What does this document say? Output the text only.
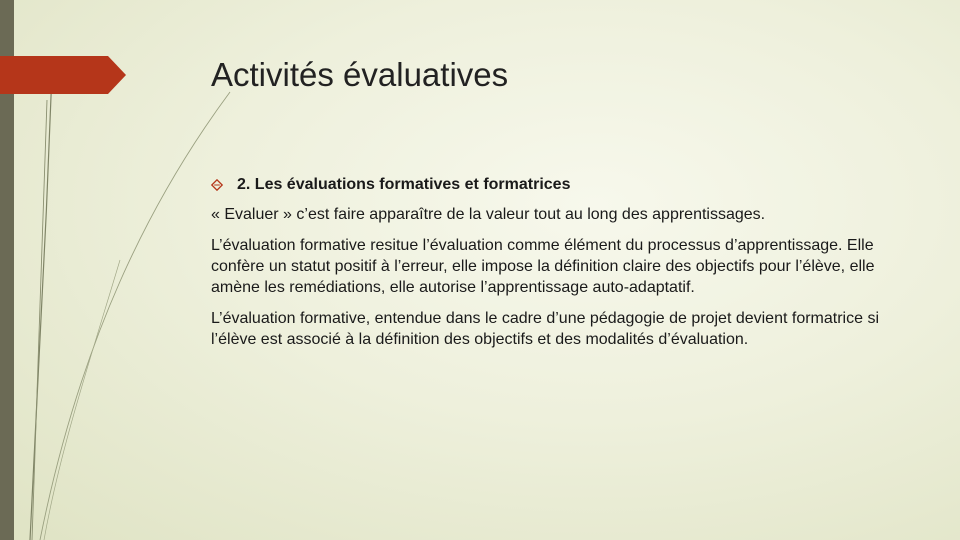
Activités évaluatives
2. Les évaluations formatives et formatrices

« Evaluer » c’est faire apparaître de la valeur tout au long des apprentissages.

L’évaluation formative resitue l’évaluation comme élément du processus d’apprentissage. Elle confère un statut positif à l’erreur, elle impose la définition claire des objectifs pour l’élève, elle amène les remédiations, elle autorise l’apprentissage auto-adaptatif.

L’évaluation formative, entendue dans le cadre d’une pédagogie de projet devient formatrice si l’élève est associé à la définition des objectifs et des modalités d’évaluation.
